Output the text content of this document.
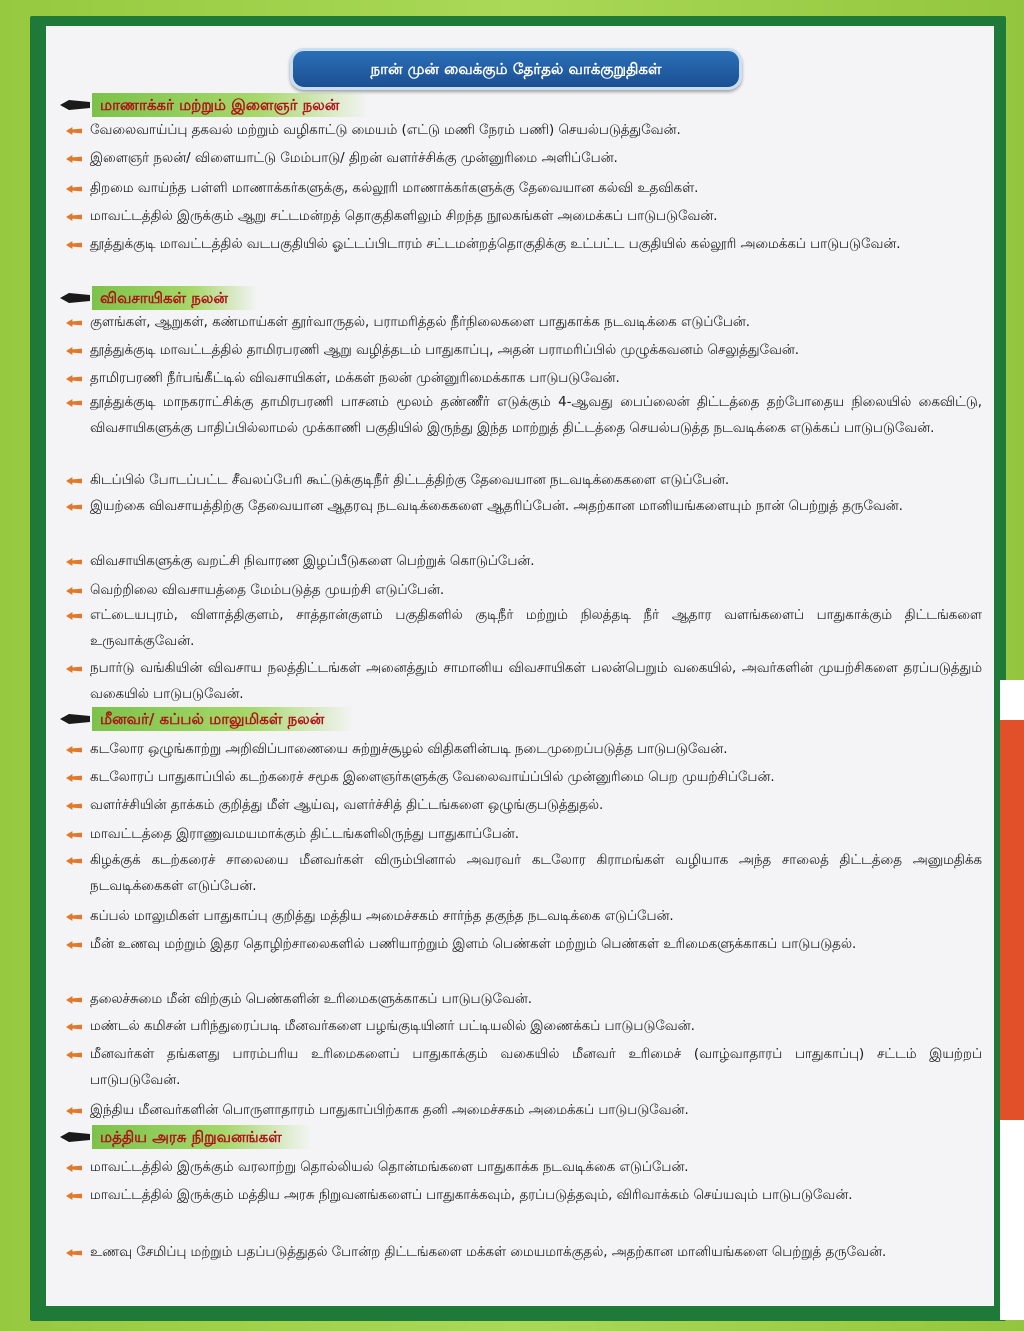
நான் முன் வைக்கும் தேர்தல் வாக்குறுதிகள்
மாணாக்கர் மற்றும் இளைஞர் நலன்
வேலைவாய்ப்பு தகவல் மற்றும் வழிகாட்டு மையம் (எட்டு மணி நேரம் பணி) செயல்படுத்துவேன்.
இளைஞர் நலன்/ விளையாட்டு மேம்பாடு/ திறன் வளர்ச்சிக்கு முன்னுரிமை அளிப்பேன்.
திறமை வாய்ந்த பள்ளி மாணாக்கர்களுக்கு, கல்லூரி மாணாக்கர்களுக்கு தேவையான கல்வி உதவிகள்.
மாவட்டத்தில் இருக்கும் ஆறு சட்டமன்றத் தொகுதிகளிலும் சிறந்த நூலகங்கள் அமைக்கப் பாடுபடுவேன்.
தூத்துக்குடி மாவட்டத்தில் வடபகுதியில் ஓட்டப்பிடாரம் சட்டமன்றத்தொகுதிக்கு உட்பட்ட பகுதியில் கல்லூரி அமைக்கப் பாடுபடுவேன்.
விவசாயிகள் நலன்
குளங்கள், ஆறுகள், கண்மாய்கள் தூர்வாருதல், பராமரித்தல் நீர்நிலைகளை பாதுகாக்க நடவடிக்கை எடுப்பேன்.
தூத்துக்குடி மாவட்டத்தில் தாமிரபரணி ஆறு வழித்தடம் பாதுகாப்பு, அதன் பராமரிப்பில் முழுக்கவனம் செலுத்துவேன்.
தாமிரபரணி நீர்பங்கீட்டில் விவசாயிகள், மக்கள் நலன் முன்னுரிமைக்காக பாடுபடுவேன்.
தூத்துக்குடி மாநகராட்சிக்கு தாமிரபரணி பாசனம் மூலம் தண்ணீர் எடுக்கும் 4-ஆவது பைப்லைன் திட்டத்தை தற்போதைய நிலையில் கைவிட்டு, விவசாயிகளுக்கு பாதிப்பில்லாமல் முக்காணி பகுதியில் இருந்து இந்த மாற்றுத் திட்டத்தை செயல்படுத்த நடவடிக்கை எடுக்கப் பாடுபடுவேன்.
கிடப்பில் போடப்பட்ட சீவலப்பேரி கூட்டுக்குடிநீர் திட்டத்திற்கு தேவையான நடவடிக்கைகளை எடுப்பேன்.
இயற்கை விவசாயத்திற்கு தேவையான ஆதரவு நடவடிக்கைகளை ஆதரிப்பேன். அதற்கான மானியங்களையும் நான் பெற்றுத் தருவேன்.
விவசாயிகளுக்கு வறட்சி நிவாரண இழப்பீடுகளை பெற்றுக் கொடுப்பேன்.
வெற்றிலை விவசாயத்தை மேம்படுத்த முயற்சி எடுப்பேன்.
எட்டையபுரம், விளாத்திகுளம், சாத்தான்குளம் பகுதிகளில் குடிநீர் மற்றும் நிலத்தடி நீர் ஆதார வளங்களைப் பாதுகாக்கும் திட்டங்களை உருவாக்குவேன்.
நபார்டு வங்கியின் விவசாய நலத்திட்டங்கள் அனைத்தும் சாமானிய விவசாயிகள் பலன்பெறும் வகையில், அவர்களின் முயற்சிகளை தரப்படுத்தும் வகையில் பாடுபடுவேன்.
மீனவர்/ கப்பல் மாலுமிகள் நலன்
கடலோர ஒழுங்காற்று அறிவிப்பாணையை சுற்றுச்சூழல் விதிகளின்படி நடைமுறைப்படுத்த பாடுபடுவேன்.
கடலோரப் பாதுகாப்பில் கடற்கரைச் சமூக இளைஞர்களுக்கு வேலைவாய்ப்பில் முன்னுரிமை பெற முயற்சிப்பேன்.
வளர்ச்சியின் தாக்கம் குறித்து மீள் ஆய்வு, வளர்ச்சித் திட்டங்களை ஒழுங்குபடுத்துதல்.
மாவட்டத்தை இராணுவமயமாக்கும் திட்டங்களிலிருந்து பாதுகாப்பேன்.
கிழக்குக் கடற்கரைச் சாலையை மீனவர்கள் விரும்பினால் அவரவர் கடலோர கிராமங்கள் வழியாக அந்த சாலைத் திட்டத்தை அனுமதிக்க நடவடிக்கைகள் எடுப்பேன்.
கப்பல் மாலுமிகள் பாதுகாப்பு குறித்து மத்திய அமைச்சகம் சார்ந்த தகுந்த நடவடிக்கை எடுப்பேன்.
மீன் உணவு மற்றும் இதர தொழிற்சாலைகளில் பணியாற்றும் இளம் பெண்கள் மற்றும் பெண்கள் உரிமைகளுக்காகப் பாடுபடுதல்.
தலைச்சுமை மீன் விற்கும் பெண்களின் உரிமைகளுக்காகப் பாடுபடுவேன்.
மண்டல் கமிசன் பரிந்துரைப்படி மீனவர்களை பழங்குடியினர் பட்டியலில் இணைக்கப் பாடுபடுவேன்.
மீனவர்கள் தங்களது பாரம்பரிய உரிமைகளைப் பாதுகாக்கும் வகையில் மீனவர் உரிமைச் (வாழ்வாதாரப் பாதுகாப்பு) சட்டம் இயற்றப் பாடுபடுவேன்.
இந்திய மீனவர்களின் பொருளாதாரம் பாதுகாப்பிற்காக தனி அமைச்சகம் அமைக்கப் பாடுபடுவேன்.
மத்திய அரசு நிறுவனங்கள்
மாவட்டத்தில் இருக்கும் வரலாற்று தொல்லியல் தொன்மங்களை பாதுகாக்க நடவடிக்கை எடுப்பேன்.
மாவட்டத்தில் இருக்கும் மத்திய அரசு நிறுவனங்களைப் பாதுகாக்கவும், தரப்படுத்தவும், விரிவாக்கம் செய்யவும் பாடுபடுவேன்.
உணவு சேமிப்பு மற்றும் பதப்படுத்துதல் போன்ற திட்டங்களை மக்கள் மையமாக்குதல், அதற்கான மானியங்களை பெற்றுத் தருவேன்.
